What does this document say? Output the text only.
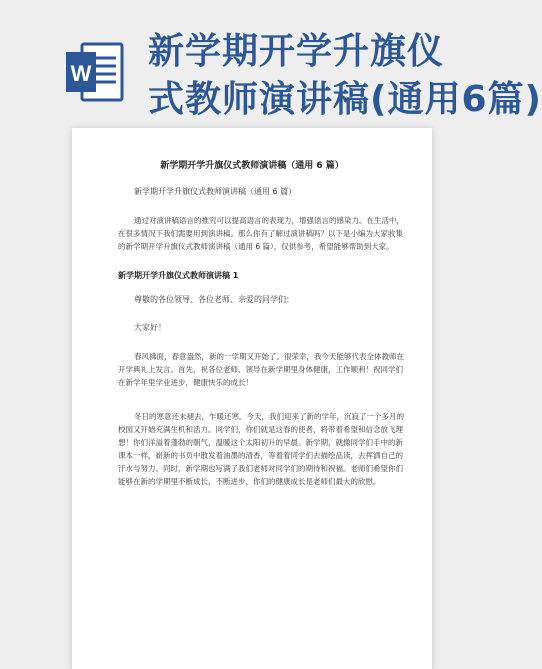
W
新学期开学升旗仪
式教师演讲稿(通用6篇)
新学期开学升旗仪式教师演讲稿（通用 6 篇）
新学期开学升旗仪式教师演讲稿（通用 6 篇）

通过对演讲稿语言的推究可以提高语言的表现力，增强语言的感染力。在生活中，在很多情况下我们需要用到演讲稿。那么你有了解过演讲稿吗？以下是小编为大家收集的新学期开学升旗仪式教师演讲稿（通用 6 篇），仅供参考，希望能够帮助到大家。

新学期开学升旗仪式教师演讲稿 1
尊敬的各位领导、各位老师、亲爱的同学们：
大家好！

春风拂面，春意盎然，新的一学期又开始了。很荣幸，我今天能够代表全体教师在开学典礼上发言。首先，祝各位老师、领导在新学期里身体健康，工作顺利！祝同学们在新学年里学业进步，健康快乐的成长！

冬日的寒意还未褪去，乍暖还寒。今天，我们迎来了新的学年，沉寂了一个多月的校园又开始充满生机和活力。同学们，你们就是这春的使者，将带着希望和信念放飞理想！你们洋溢着蓬勃的朝气，温暖这个太阳初升的早晨。新学期，就像同学们手中的新课本一样，崭新的书页中散发着油墨的清香，等着着同学们去描绘品读，去挥洒自己的汗水与努力。同时，新学期也写满了我们老师对同学们的期待和祝福。老师们希望你们能够在新的学期里不断成长，不断进步，你们的健康成长是老师们最大的欣慰。
